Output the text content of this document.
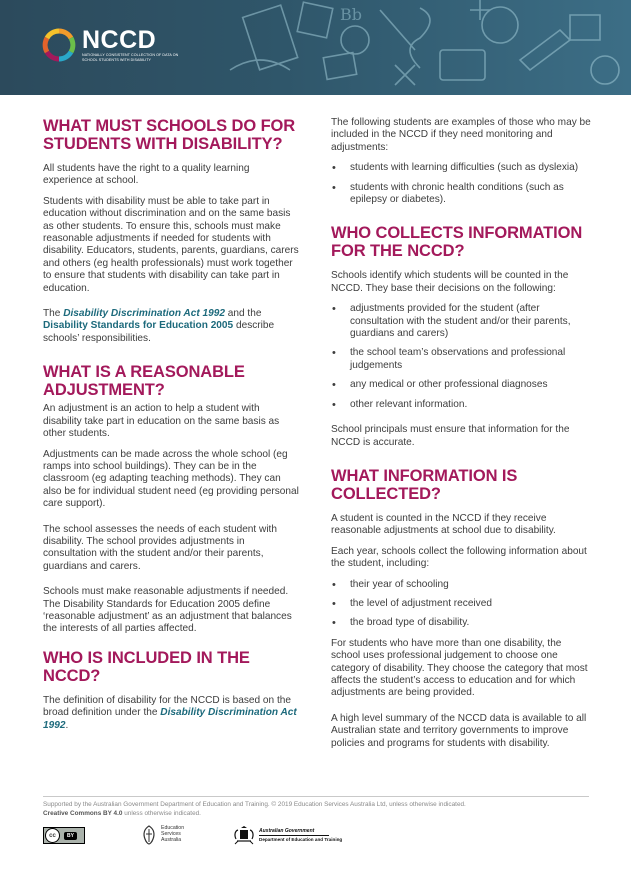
Bb
NCCD
NATIONALLY CONSISTENT COLLECTION OF DATA ON SCHOOL STUDENTS WITH DISABILITY
WHAT MUST SCHOOLS DO FOR STUDENTS WITH DISABILITY?

All students have the right to a quality learning experience at school.

Students with disability must be able to take part in education without discrimination and on the same basis as other students. To ensure this, schools must make reasonable adjustments if needed for students with disability. Educators, students, parents, guardians, carers and others (eg health professionals) must work together to ensure that students with disability can take part in education.

The Disability Discrimination Act 1992 and the Disability Standards for Education 2005 describe schools’ responsibilities.

WHAT IS A REASONABLE ADJUSTMENT?

An adjustment is an action to help a student with disability take part in education on the same basis as other students.

Adjustments can be made across the whole school (eg ramps into school buildings). They can be in the classroom (eg adapting teaching methods). They can also be for individual student need (eg providing personal care support).

The school assesses the needs of each student with disability. The school provides adjustments in consultation with the student and/or their parents, guardians and carers.

Schools must make reasonable adjustments if needed. The Disability Standards for Education 2005 define ‘reasonable adjustment’ as an adjustment that balances the interests of all parties affected.

WHO IS INCLUDED IN THE NCCD?

The definition of disability for the NCCD is based on the broad definition under the Disability Discrimination Act 1992.

The following students are examples of those who may be included in the NCCD if they need monitoring and adjustments:

• students with learning difficulties (such as dyslexia)
• students with chronic health conditions (such as epilepsy or diabetes).
WHO COLLECTS INFORMATION FOR THE NCCD?

Schools identify which students will be counted in the NCCD. They base their decisions on the following:

• adjustments provided for the student (after consultation with the student and/or their parents, guardians and carers)
• the school team’s observations and professional judgements
• any medical or other professional diagnoses
• other relevant information.

School principals must ensure that information for the NCCD is accurate.

WHAT INFORMATION IS COLLECTED?

A student is counted in the NCCD if they receive reasonable adjustments at school due to disability.

Each year, schools collect the following information about the student, including:

• their year of schooling
• the level of adjustment received
• the broad type of disability.

For students who have more than one disability, the school uses professional judgement to choose one category of disability. They choose the category that most affects the student’s access to education and for which adjustments are being provided.

A high level summary of the NCCD data is available to all Australian state and territory governments to improve policies and programs for students with disability.

Supported by the Australian Government Department of Education and Training. © 2019 Education Services Australia Ltd, unless otherwise indicated.
Creative Commons BY 4.0 unless otherwise indicated.
cc	BY
Education
Services
Australia
Australian Government
Department of Education and Training
